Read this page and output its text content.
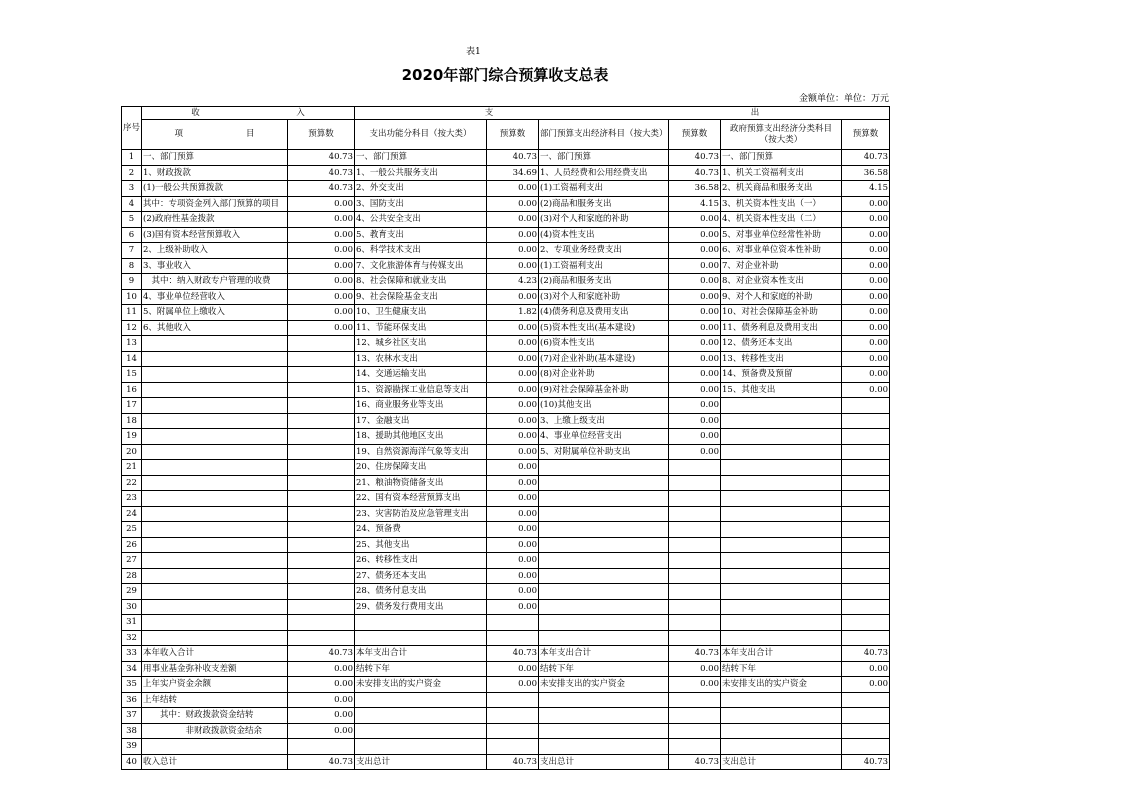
表1
2020年部门综合预算收支总表
金额单位：单位：万元
序号	收 入		支 出					

	项 目	预算数	支出功能分科目（按大类）	预算数	部门预算支出经济科目（按大类）	预算数	政府预算支出经济分类科目（按大类）	预算数
1	一、部门预算	40.73	一、部门预算	40.73	一、部门预算	40.73	一、部门预算	40.73
2	1、财政拨款	40.73	1、一般公共服务支出	34.69	1、人员经费和公用经费支出	40.73	1、机关工资福利支出	36.58
3	(1)一般公共预算拨款	40.73	2、外交支出	0.00	(1)工资福利支出	36.58	2、机关商品和服务支出	4.15
4	其中：专项资金列入部门预算的项目	0.00	3、国防支出	0.00	(2)商品和服务支出	4.15	3、机关资本性支出（一）	0.00
5	(2)政府性基金拨款	0.00	4、公共安全支出	0.00	(3)对个人和家庭的补助	0.00	4、机关资本性支出（二）	0.00
6	(3)国有资本经营预算收入	0.00	5、教育支出	0.00	(4)资本性支出	0.00	5、对事业单位经常性补助	0.00
7	2、上级补助收入	0.00	6、科学技术支出	0.00	2、专项业务经费支出	0.00	6、对事业单位资本性补助	0.00
8	3、事业收入	0.00	7、文化旅游体育与传媒支出	0.00	(1)工资福利支出	0.00	7、对企业补助	0.00
9	　其中：纳入财政专户管理的收费	0.00	8、社会保障和就业支出	4.23	(2)商品和服务支出	0.00	8、对企业资本性支出	0.00
10	4、事业单位经营收入	0.00	9、社会保险基金支出	0.00	(3)对个人和家庭补助	0.00	9、对个人和家庭的补助	0.00
11	5、附属单位上缴收入	0.00	10、卫生健康支出	1.82	(4)债务利息及费用支出	0.00	10、对社会保障基金补助	0.00
12	6、其他收入	0.00	11、节能环保支出	0.00	(5)资本性支出(基本建设)	0.00	11、债务利息及费用支出	0.00
13			12、城乡社区支出	0.00	(6)资本性支出	0.00	12、债务还本支出	0.00
14			13、农林水支出	0.00	(7)对企业补助(基本建设)	0.00	13、转移性支出	0.00
15			14、交通运输支出	0.00	(8)对企业补助	0.00	14、预备费及预留	0.00
16			15、资源勘探工业信息等支出	0.00	(9)对社会保障基金补助	0.00	15、其他支出	0.00
17			16、商业服务业等支出	0.00	(10)其他支出	0.00		
18			17、金融支出	0.00	3、上缴上级支出	0.00		
19			18、援助其他地区支出	0.00	4、事业单位经营支出	0.00		
20			19、自然资源海洋气象等支出	0.00	5、对附属单位补助支出	0.00		
21			20、住房保障支出	0.00				
22			21、粮油物资储备支出	0.00				
23			22、国有资本经营预算支出	0.00				
24			23、灾害防治及应急管理支出	0.00				
25			24、预备费	0.00				
26			25、其他支出	0.00				
27			26、转移性支出	0.00				
28			27、债务还本支出	0.00				
29			28、债务付息支出	0.00				
30			29、债务发行费用支出	0.00				
31								
32								
33	本年收入合计	40.73	本年支出合计	40.73	本年支出合计	40.73	本年支出合计	40.73
34	用事业基金弥补收支差额	0.00	结转下年	0.00	结转下年	0.00	结转下年	0.00
35	上年实户资金余额	0.00	未安排支出的实户资金	0.00	未安排支出的实户资金	0.00	未安排支出的实户资金	0.00
36	上年结转	0.00						
37	　　其中：财政拨款资金结转	0.00						
38	　　　　　非财政拨款资金结余	0.00						
39								
40	收入总计	40.73	支出总计	40.73	支出总计	40.73	支出总计	40.73
